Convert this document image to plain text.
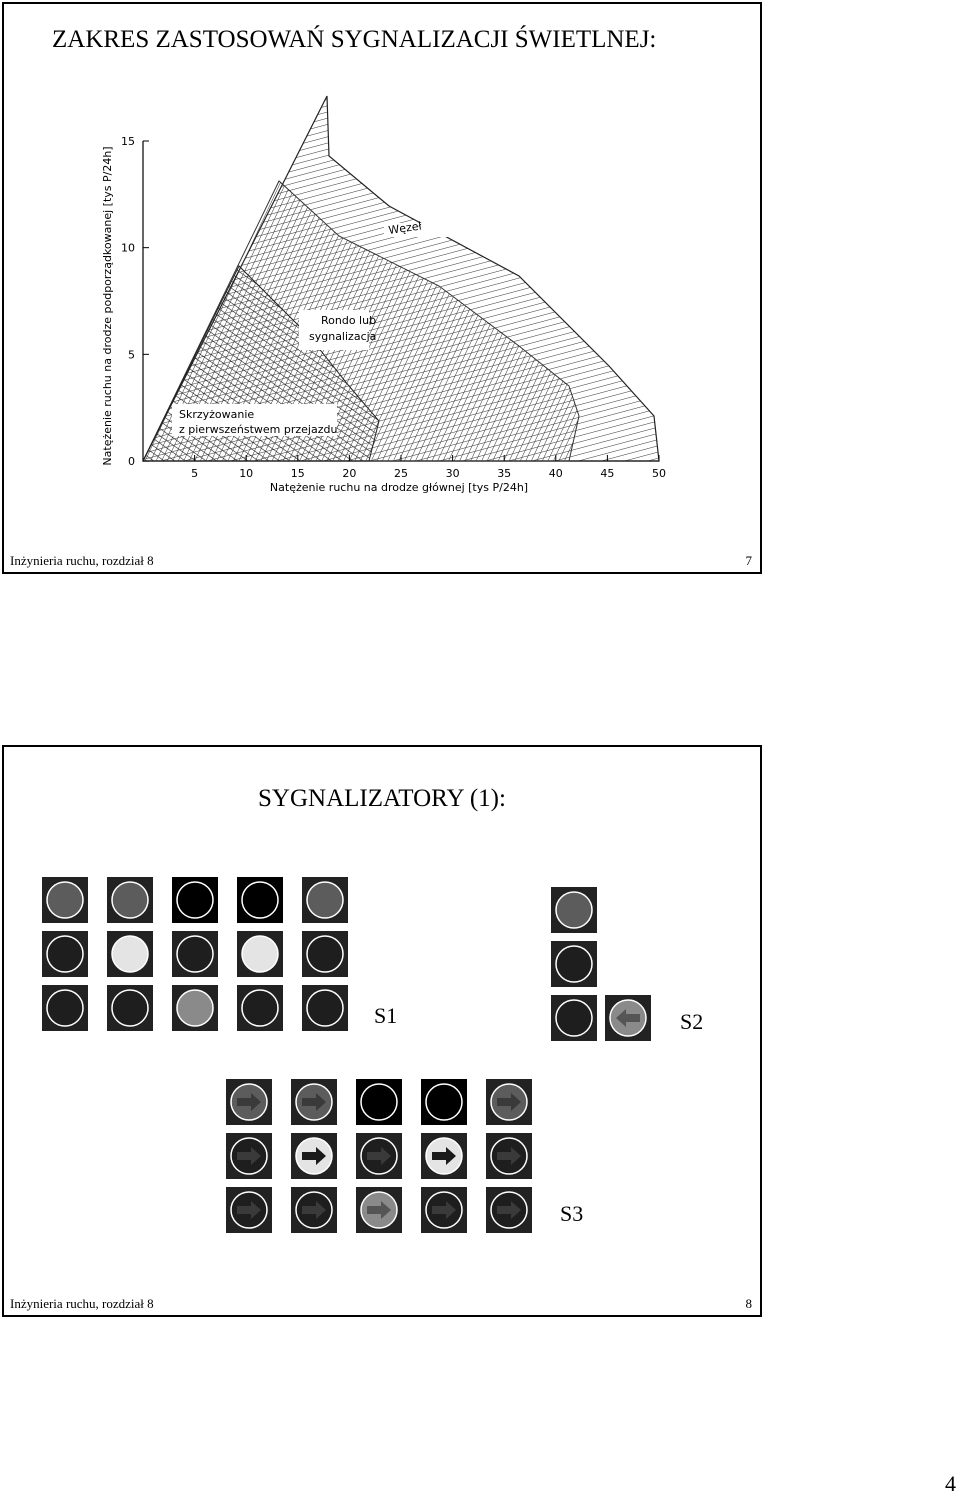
ZAKRES ZASTOSOWAŃ SYGNALIZACJI ŚWIETLNEJ:
Węzeł
Rondo lub
sygnalizacja
Skrzyżowanie
z pierwszeństwem przejazdu
5	10	15	20	25	30	35	40	45	50
0
5
10
15
Natężenie ruchu na drodze głównej [tys P/24h]
Natężenie ruchu na drodze podporządkowanej [tys P/24h]
Inżynieria ruchu, rozdział 8	7
SYGNALIZATORY (1):
S1	S2
S3
Inżynieria ruchu, rozdział 8	8
4
